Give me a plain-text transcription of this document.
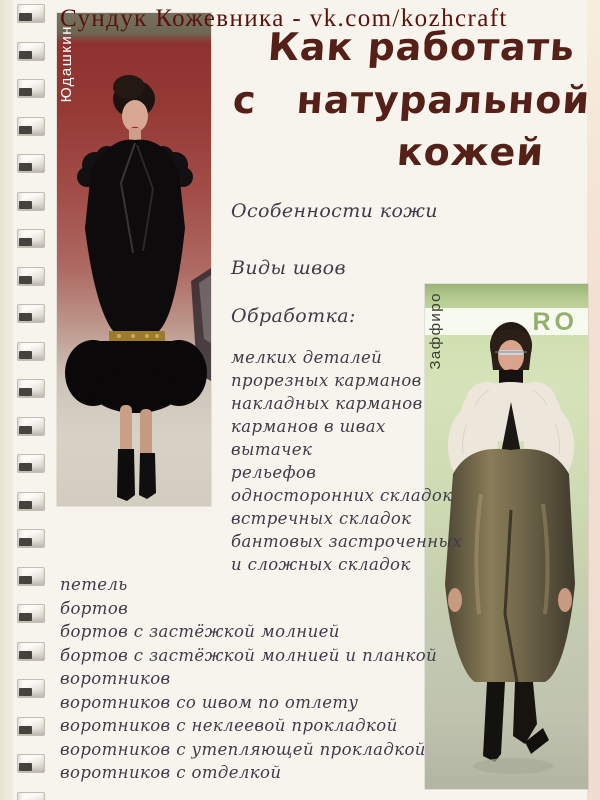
Юдашкин
Сундук Кожевника - vk.com/kozhcraft
Как работать
с натуральной
кожей
Особенности кожи
Виды швов
Обработка:
мелких деталей
прорезных карманов
накладных карманов
карманов в швах
вытачек
рельефов
односторонних складок
встречных складок
бантовых застроченных
и сложных складок
петель
бортов
бортов с застёжкой молнией
бортов с застёжкой молнией и планкой
воротников
воротников со швом по отлету
воротников с неклеевой прокладкой
воротников с утепляющей прокладкой
воротников с отделкой
RO
Заффиро
